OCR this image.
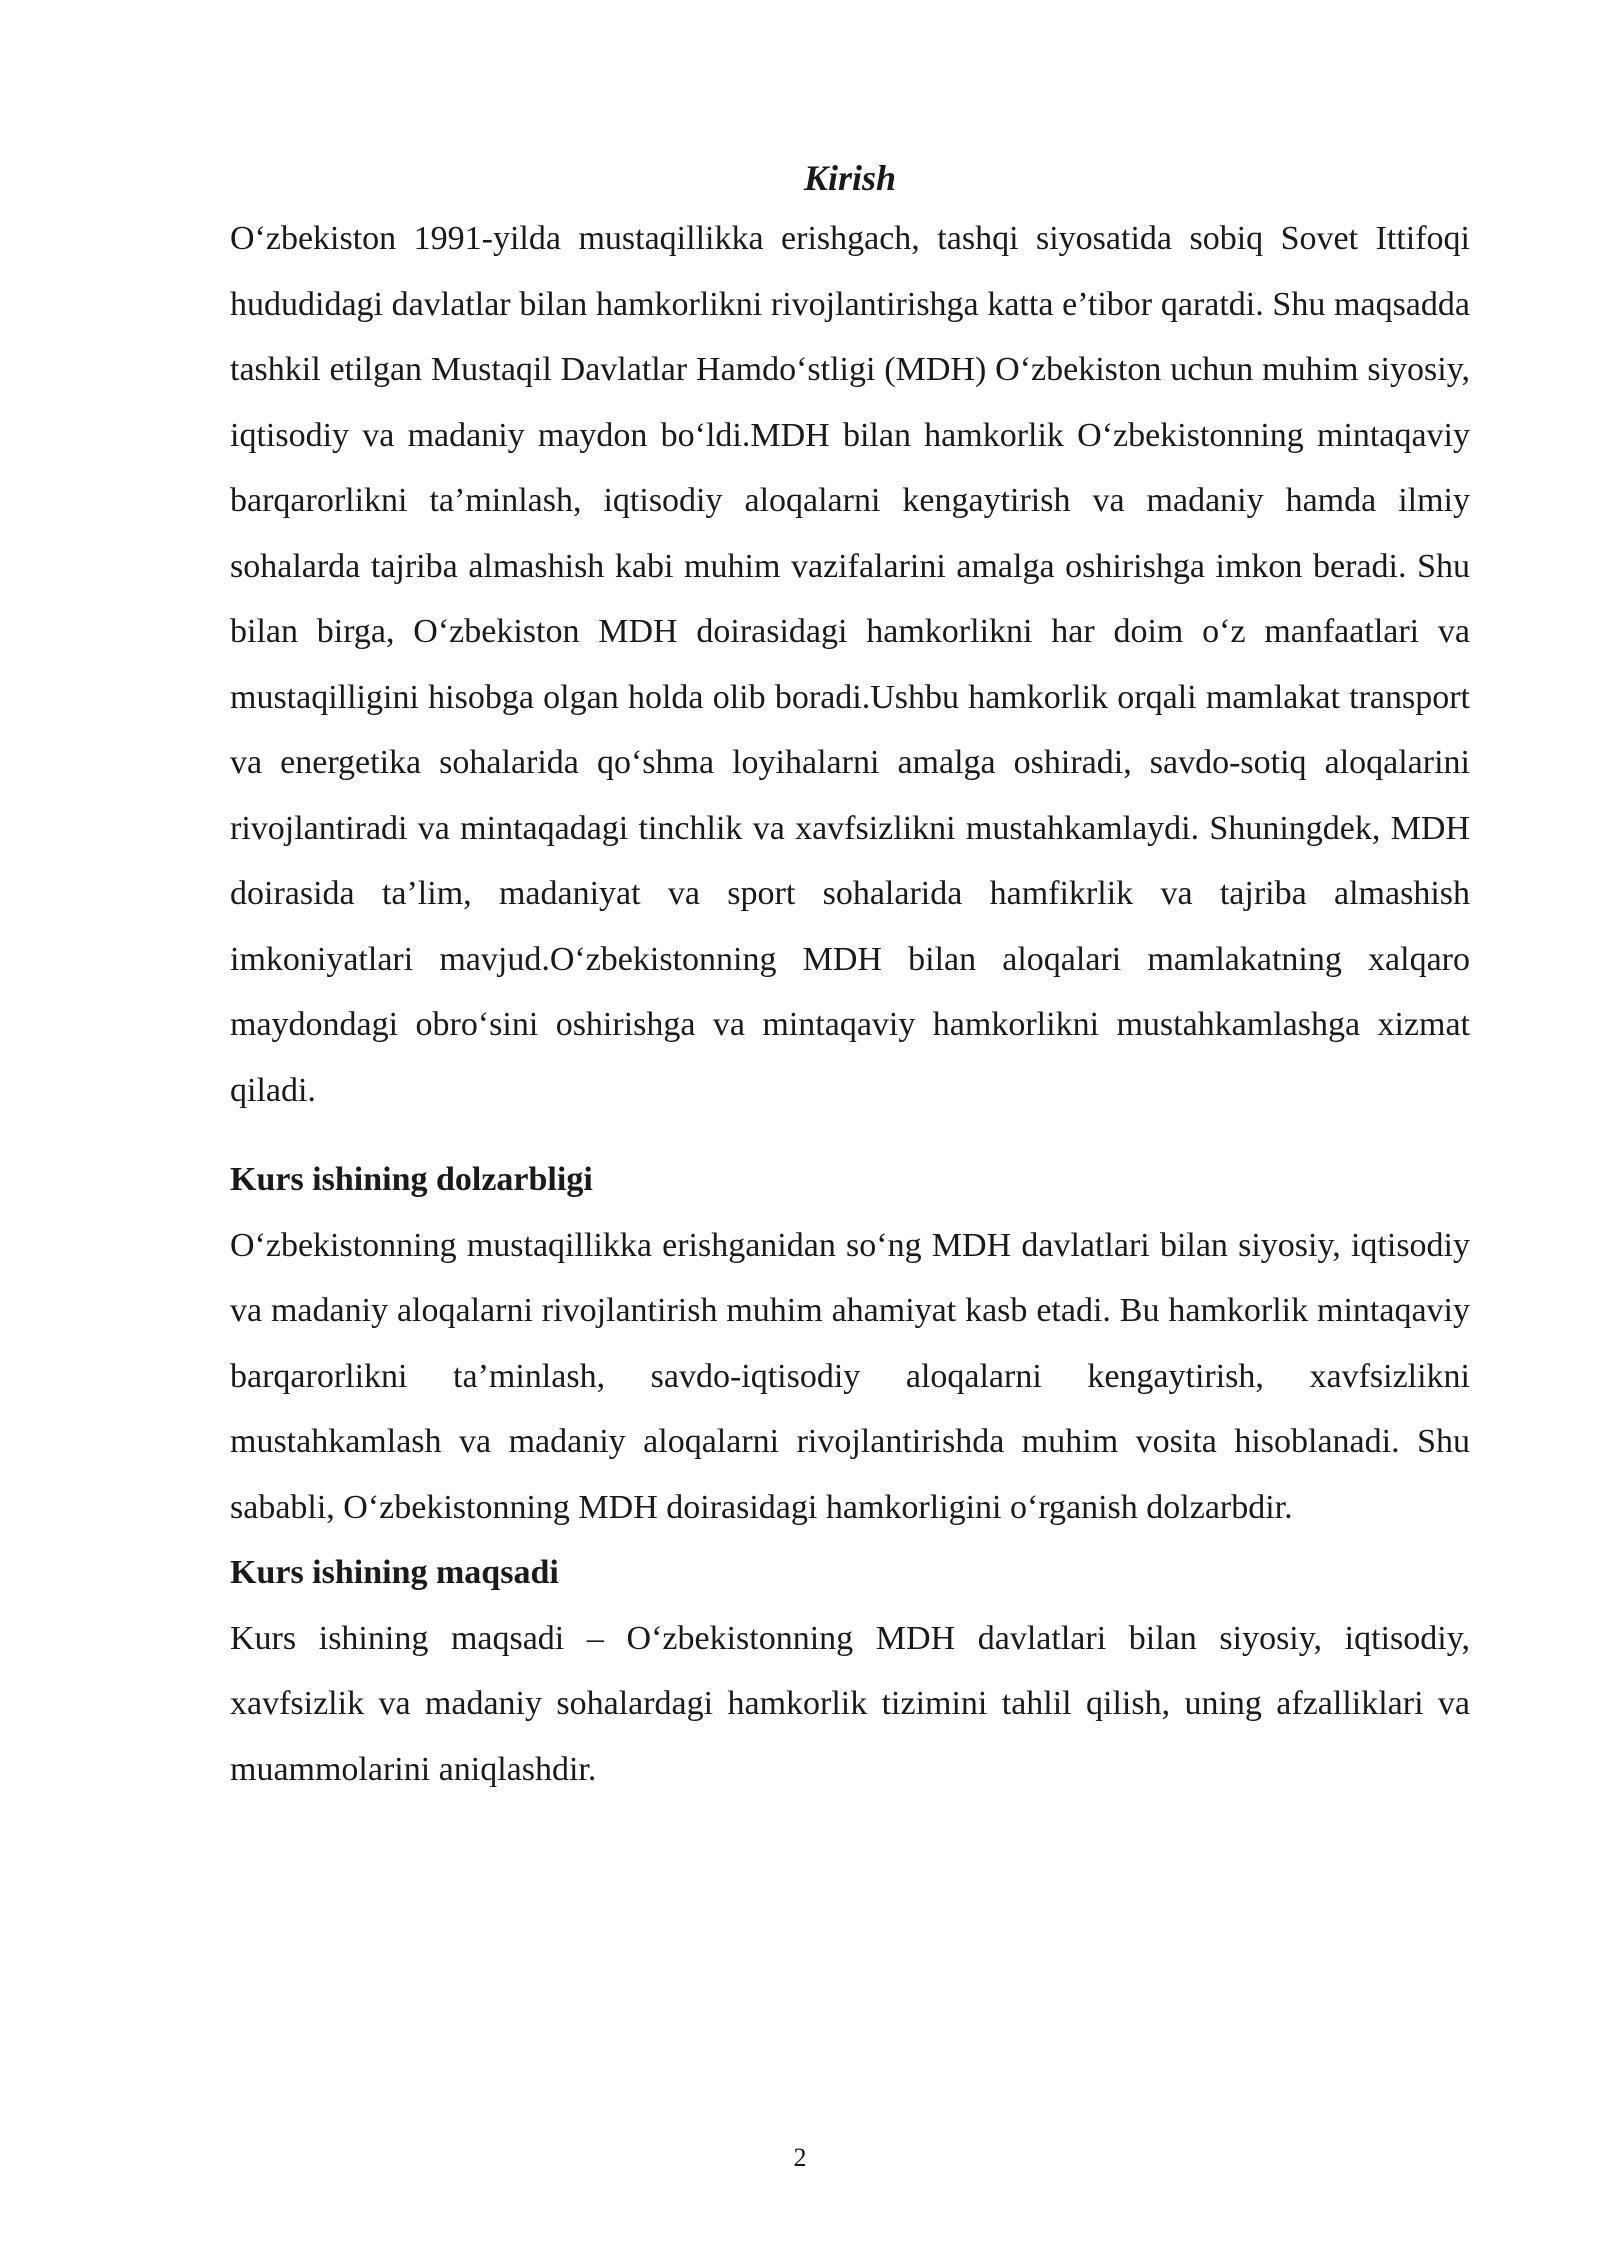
Kirish

O‘zbekiston 1991-yilda mustaqillikka erishgach, tashqi siyosatida sobiq Sovet Ittifoqi hududidagi davlatlar bilan hamkorlikni rivojlantirishga katta e’tibor qaratdi. Shu maqsadda tashkil etilgan Mustaqil Davlatlar Hamdo‘stligi (MDH) O‘zbekiston uchun muhim siyosiy, iqtisodiy va madaniy maydon bo‘ldi.MDH bilan hamkorlik O‘zbekistonning mintaqaviy barqarorlikni ta’minlash, iqtisodiy aloqalarni kengaytirish va madaniy hamda ilmiy sohalarda tajriba almashish kabi muhim vazifalarini amalga oshirishga imkon beradi. Shu bilan birga, O‘zbekiston MDH doirasidagi hamkorlikni har doim o‘z manfaatlari va mustaqilligini hisobga olgan holda olib boradi.Ushbu hamkorlik orqali mamlakat transport va energetika sohalarida qo‘shma loyihalarni amalga oshiradi, savdo-sotiq aloqalarini rivojlantiradi va mintaqadagi tinchlik va xavfsizlikni mustahkamlaydi. Shuningdek, MDH doirasida ta’lim, madaniyat va sport sohalarida hamfikrlik va tajriba almashish imkoniyatlari mavjud.O‘zbekistonning MDH bilan aloqalari mamlakatning xalqaro maydondagi obro‘sini oshirishga va mintaqaviy hamkorlikni mustahkamlashga xizmat qiladi.

Kurs ishining dolzarbligi

O‘zbekistonning mustaqillikka erishganidan so‘ng MDH davlatlari bilan siyosiy, iqtisodiy va madaniy aloqalarni rivojlantirish muhim ahamiyat kasb etadi. Bu hamkorlik mintaqaviy barqarorlikni ta’minlash, savdo-iqtisodiy aloqalarni kengaytirish, xavfsizlikni mustahkamlash va madaniy aloqalarni rivojlantirishda muhim vosita hisoblanadi. Shu sababli, O‘zbekistonning MDH doirasidagi hamkorligini o‘rganish dolzarbdir.

Kurs ishining maqsadi

Kurs ishining maqsadi – O‘zbekistonning MDH davlatlari bilan siyosiy, iqtisodiy, xavfsizlik va madaniy sohalardagi hamkorlik tizimini tahlil qilish, uning afzalliklari va muammolarini aniqlashdir.

2
